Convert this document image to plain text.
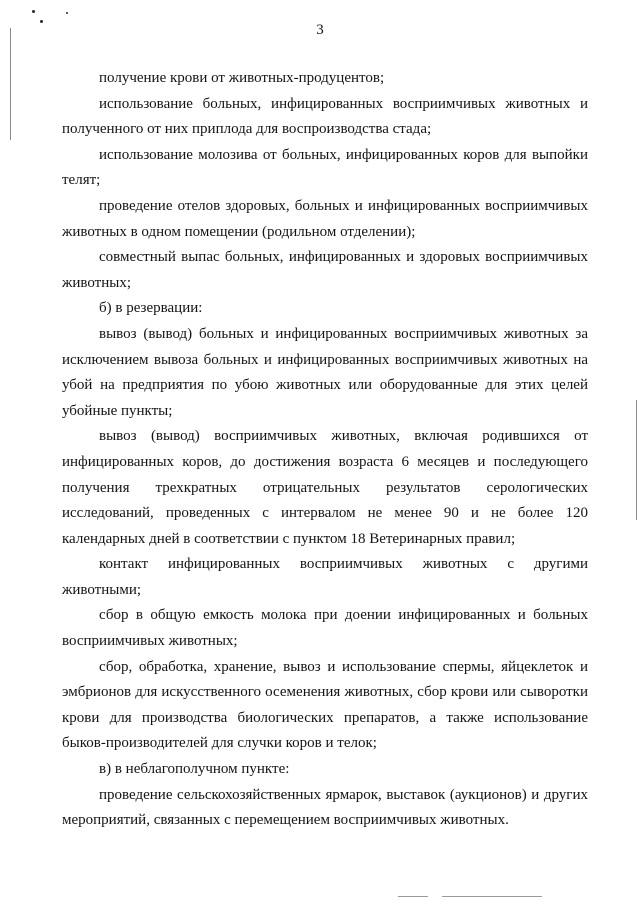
3

получение крови от животных-продуцентов;

использование больных, инфицированных восприимчивых животных и полученного от них приплода для воспроизводства стада;

использование молозива от больных, инфицированных коров для выпойки телят;

проведение отелов здоровых, больных и инфицированных восприимчивых животных в одном помещении (родильном отделении);

совместный выпас больных, инфицированных и здоровых восприимчивых животных;

б) в резервации:

вывоз (вывод) больных и инфицированных восприимчивых животных за исключением вывоза больных и инфицированных восприимчивых животных на убой на предприятия по убою животных или оборудованные для этих целей убойные пункты;

вывоз (вывод) восприимчивых животных, включая родившихся от инфицированных коров, до достижения возраста 6 месяцев и последующего получения трехкратных отрицательных результатов серологических исследований, проведенных с интервалом не менее 90 и не более 120 календарных дней в соответствии с пунктом 18 Ветеринарных правил;

контакт инфицированных восприимчивых животных с другими животными;

сбор в общую емкость молока при доении инфицированных и больных восприимчивых животных;

сбор, обработка, хранение, вывоз и использование спермы, яйцеклеток и эмбрионов для искусственного осеменения животных, сбор крови или сыворотки крови для производства биологических препаратов, а также использование быков-производителей для случки коров и телок;

в) в неблагополучном пункте:

проведение сельскохозяйственных ярмарок, выставок (аукционов) и других мероприятий, связанных с перемещением восприимчивых животных.
